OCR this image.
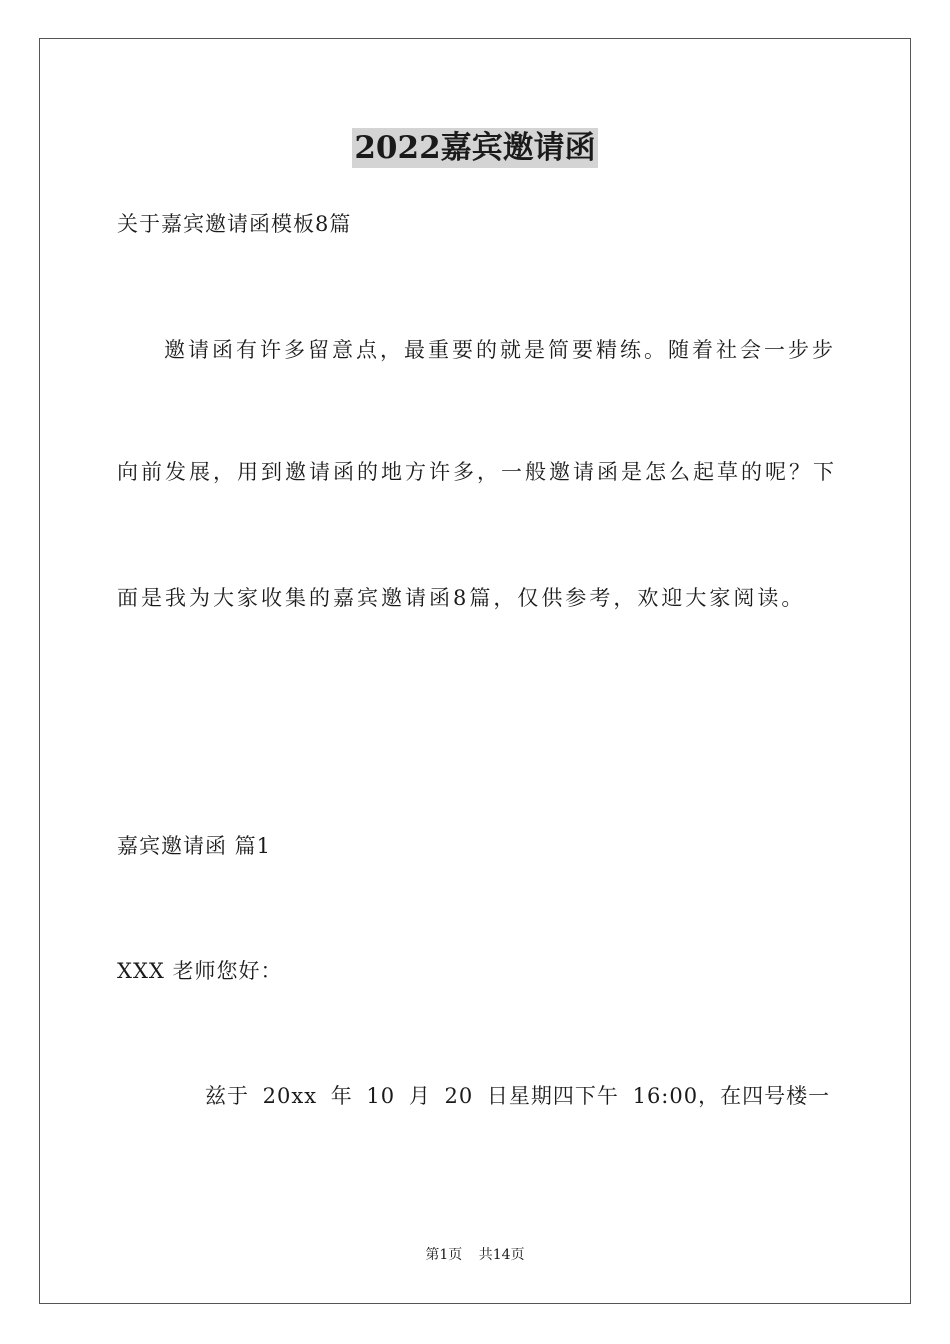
2022嘉宾邀请函
关于嘉宾邀请函模板8篇
邀请函有许多留意点，最重要的就是简要精练。随着社会一步步
向前发展，用到邀请函的地方许多，一般邀请函是怎么起草的呢？下
面是我为大家收集的嘉宾邀请函8篇，仅供参考，欢迎大家阅读。
嘉宾邀请函 篇1
XXX 老师您好：
兹于 20xx 年 10 月 20 日星期四下午 16:00，在四号楼一
第1页 共14页
